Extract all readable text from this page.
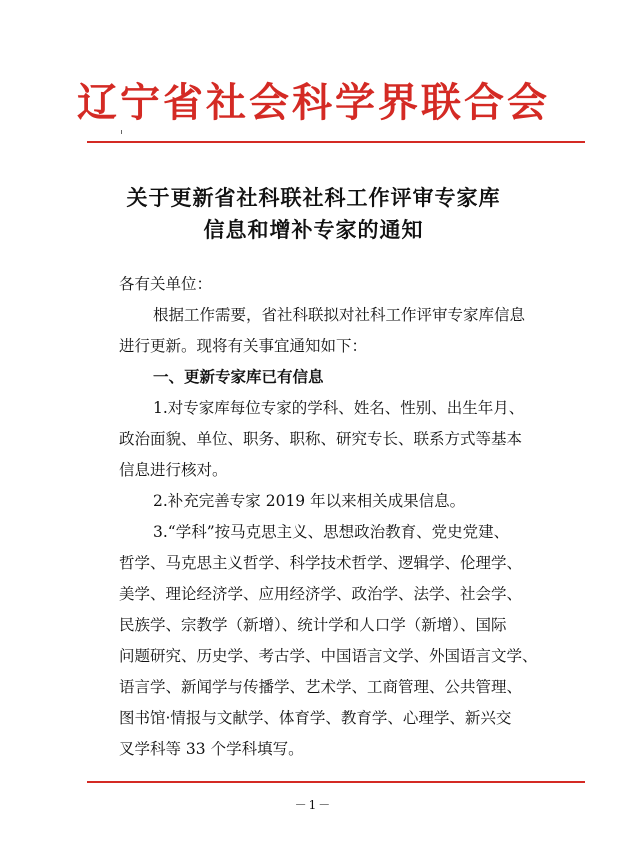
辽宁省社会科学界联合会
关于更新省社科联社科工作评审专家库
信息和增补专家的通知
各有关单位：
根据工作需要，省社科联拟对社科工作评审专家库信息
进行更新。现将有关事宜通知如下：
一、更新专家库已有信息
1.对专家库每位专家的学科、姓名、性别、出生年月、
政治面貌、单位、职务、职称、研究专长、联系方式等基本
信息进行核对。
2.补充完善专家 2019 年以来相关成果信息。
3.“学科”按马克思主义、思想政治教育、党史党建、
哲学、马克思主义哲学、科学技术哲学、逻辑学、伦理学、
美学、理论经济学、应用经济学、政治学、法学、社会学、
民族学、宗教学（新增）、统计学和人口学（新增）、国际
问题研究、历史学、考古学、中国语言文学、外国语言文学、
语言学、新闻学与传播学、艺术学、工商管理、公共管理、
图书馆·情报与文献学、体育学、教育学、心理学、新兴交
叉学科等 33 个学科填写。
－1－
